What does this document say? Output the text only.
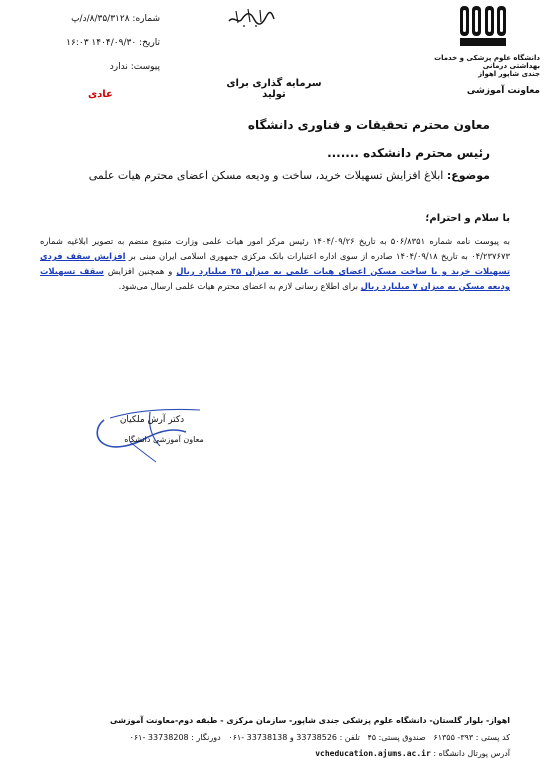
دانشگاه علوم پزشکی و خدمات بهداشتی درمانی
جندی شاپور اهواز
معاونت آموزشی
شماره: ۸/۳۵/۳۱۲۸/د/پ
تاریخ: ۱۴۰۴/۰۹/۳۰ ۱۶:۰۳
پیوست: ندارد
عادی
سرمایه گذاری برای تولید
معاون محترم تحقیقات و فناوری دانشگاه
رئیس محترم دانشکده .......
موضوع: ابلاغ افزایش تسهیلات خرید، ساخت و ودیعه مسکن اعضای محترم هیات علمی
با سلام و احترام؛
به پیوست نامه شماره ۵۰۶/۸۳۵۱ به تاریخ ۱۴۰۴/۰۹/۲۶ رئیس مرکز امور هیات علمی وزارت متبوع منضم به تصویر ابلاغیه شماره ۰۴/۲۳۷۶۷۳ به تاریخ ۱۴۰۴/۰۹/۱۸ صادره از سوی اداره اعتبارات بانک مرکزی جمهوری اسلامی ایران مبنی بر افزایش سقف فردی تسهیلات خرید و یا ساخت مسکن اعضای هیات علمی به میزان ۲۵ میلیارد ریال و همچنین افزایش سقف تسهیلات ودیعه مسکن به میزان ۷ میلیارد ریال برای اطلاع رسانی لازم به اعضای محترم هیات علمی ارسال می‌شود.
دکتر آرش ملکیان
معاون آموزشی دانشگاه
اهواز- بلوار گلستان- دانشگاه علوم پزشکی جندی شاپور- سازمان مرکزی - طبقه دوم-معاونت آموزشی
کد پستی : ۳۹۳- ۶۱۳۵۵   صندوق پستی: ۴۵   تلفن : 33738526 و 33738138 -۰۶۱   دورنگار : 33738208 -۰۶۱
آدرس پورتال دانشگاه : vcheducation.ajums.ac.ir
